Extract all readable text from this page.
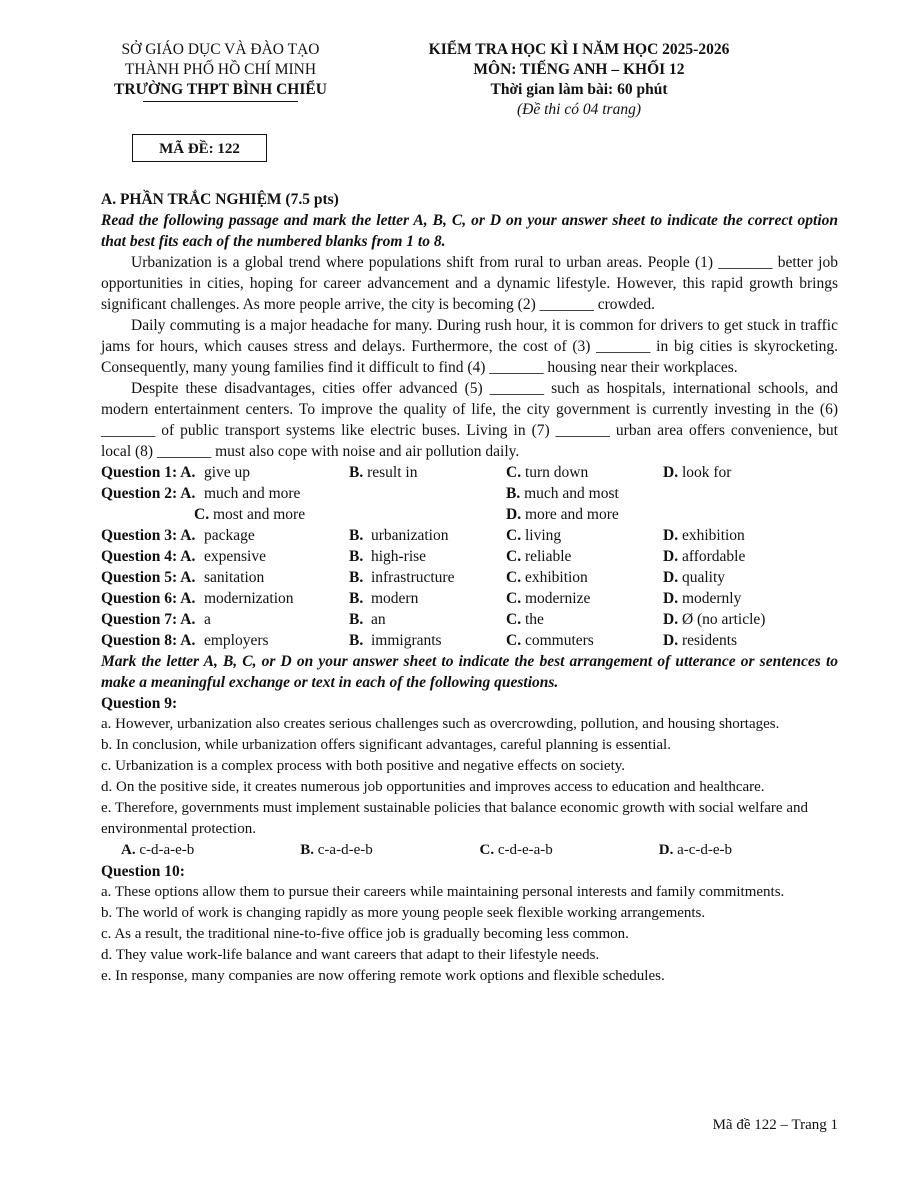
SỞ GIÁO DỤC VÀ ĐÀO TẠO
THÀNH PHỐ HỒ CHÍ MINH
TRƯỜNG THPT BÌNH CHIỂU
KIỂM TRA HỌC KÌ I NĂM HỌC 2025-2026
MÔN: TIẾNG ANH – KHỐI 12
Thời gian làm bài: 60 phút
(Đề thi có 04 trang)
MÃ ĐỀ: 122

A. PHẦN TRẮC NGHIỆM (7.5 pts)

Read the following passage and mark the letter A, B, C, or D on your answer sheet to indicate the correct option that best fits each of the numbered blanks from 1 to 8.

Urbanization is a global trend where populations shift from rural to urban areas. People (1) _______ better job opportunities in cities, hoping for career advancement and a dynamic lifestyle. However, this rapid growth brings significant challenges. As more people arrive, the city is becoming (2) _______ crowded.

Daily commuting is a major headache for many. During rush hour, it is common for drivers to get stuck in traffic jams for hours, which causes stress and delays. Furthermore, the cost of (3) _______ in big cities is skyrocketing. Consequently, many young families find it difficult to find (4) _______ housing near their workplaces.

Despite these disadvantages, cities offer advanced (5) _______ such as hospitals, international schools, and modern entertainment centers. To improve the quality of life, the city government is currently investing in the (6) _______ of public transport systems like electric buses. Living in (7) _______ urban area offers convenience, but local (8) _______ must also cope with noise and air pollution daily.

Question 1: A. give up	B. result in	C. turn down	D. look for
Question 2: A. much and more	B. much and most
C. most and more	D. more and more
Question 3: A. package	B. urbanization	C. living	D. exhibition
Question 4: A. expensive	B. high-rise	C. reliable	D. affordable
Question 5: A. sanitation	B. infrastructure	C. exhibition	D. quality
Question 6: A. modernization	B. modern	C. modernize	D. modernly
Question 7: A. a	B. an	C. the	D. Ø (no article)
Question 8: A. employers	B. immigrants	C. commuters	D. residents

Mark the letter A, B, C, or D on your answer sheet to indicate the best arrangement of utterance or sentences to make a meaningful exchange or text in each of the following questions.

Question 9:

a. However, urbanization also creates serious challenges such as overcrowding, pollution, and housing shortages.

b. In conclusion, while urbanization offers significant advantages, careful planning is essential.

c. Urbanization is a complex process with both positive and negative effects on society.

d. On the positive side, it creates numerous job opportunities and improves access to education and healthcare.

e. Therefore, governments must implement sustainable policies that balance economic growth with social welfare and environmental protection.

A. c-d-a-e-b	B. c-a-d-e-b	C. c-d-e-a-b	D. a-c-d-e-b

Question 10:

a. These options allow them to pursue their careers while maintaining personal interests and family commitments.

b. The world of work is changing rapidly as more young people seek flexible working arrangements.

c. As a result, the traditional nine-to-five office job is gradually becoming less common.

d. They value work-life balance and want careers that adapt to their lifestyle needs.

e. In response, many companies are now offering remote work options and flexible schedules.

Mã đề 122 – Trang 1
